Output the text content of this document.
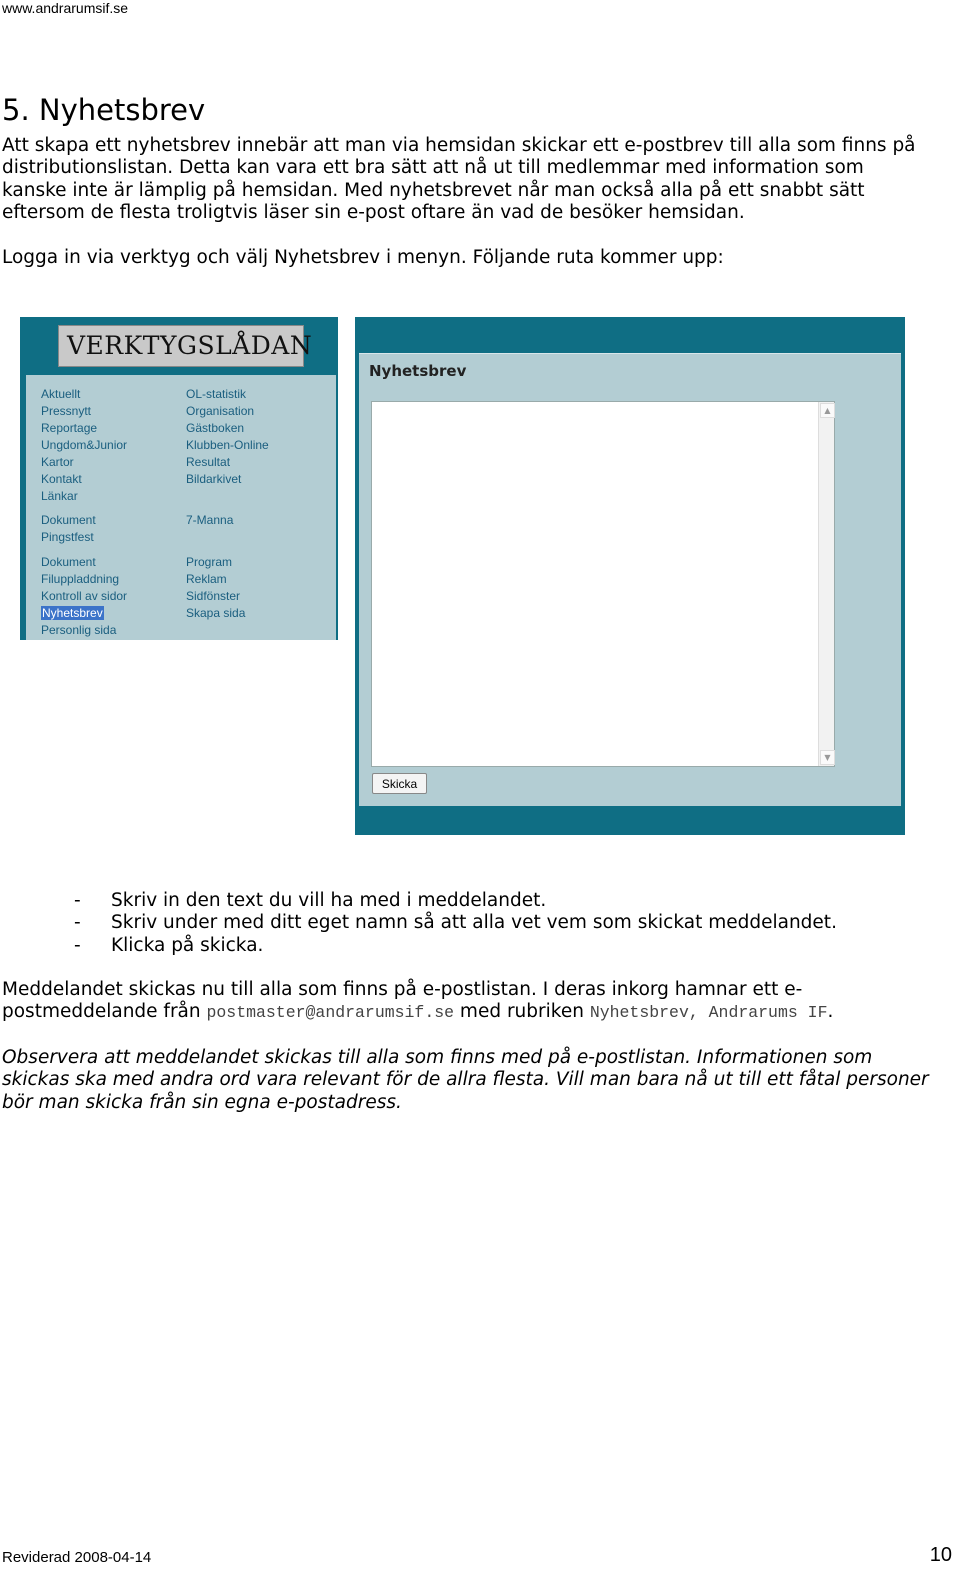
www.andrarumsif.se
5. Nyhetsbrev

Att skapa ett nyhetsbrev innebär att man via hemsidan skickar ett e-postbrev till alla som finns på distributionslistan. Detta kan vara ett bra sätt att nå ut till medlemmar med information som kanske inte är lämplig på hemsidan. Med nyhetsbrevet når man också alla på ett snabbt sätt eftersom de flesta troligtvis läser sin e-post oftare än vad de besöker hemsidan.

Logga in via verktyg och välj Nyhetsbrev i menyn. Följande ruta kommer upp:

VERKTYGSLÅDAN
Aktuellt
Pressnytt
Reportage
Ungdom&Junior
Kartor
Kontakt
Länkar
Dokument
Pingstfest
Dokument
Filuppladdning
Kontroll av sidor
Nyhetsbrev
Personlig sida
OL-statistik
Organisation
Gästboken
Klubben-Online
Resultat
Bildarkivet
7-Manna
Program
Reklam
Sidfönster
Skapa sida
Nyhetsbrev
▲
▼
Skicka
- Skriv in den text du vill ha med i meddelandet.
- Skriv under med ditt eget namn så att alla vet vem som skickat meddelandet.
- Klicka på skicka.

Meddelandet skickas nu till alla som finns på e-postlistan. I deras inkorg hamnar ett e-
postmeddelande från postmaster@andrarumsif.se med rubriken Nyhetsbrev, Andrarums IF.

Observera att meddelandet skickas till alla som finns med på e-postlistan. Informationen som skickas ska med andra ord vara relevant för de allra flesta. Vill man bara nå ut till ett fåtal personer bör man skicka från sin egna e-postadress.

Reviderad 2008-04-14	10
